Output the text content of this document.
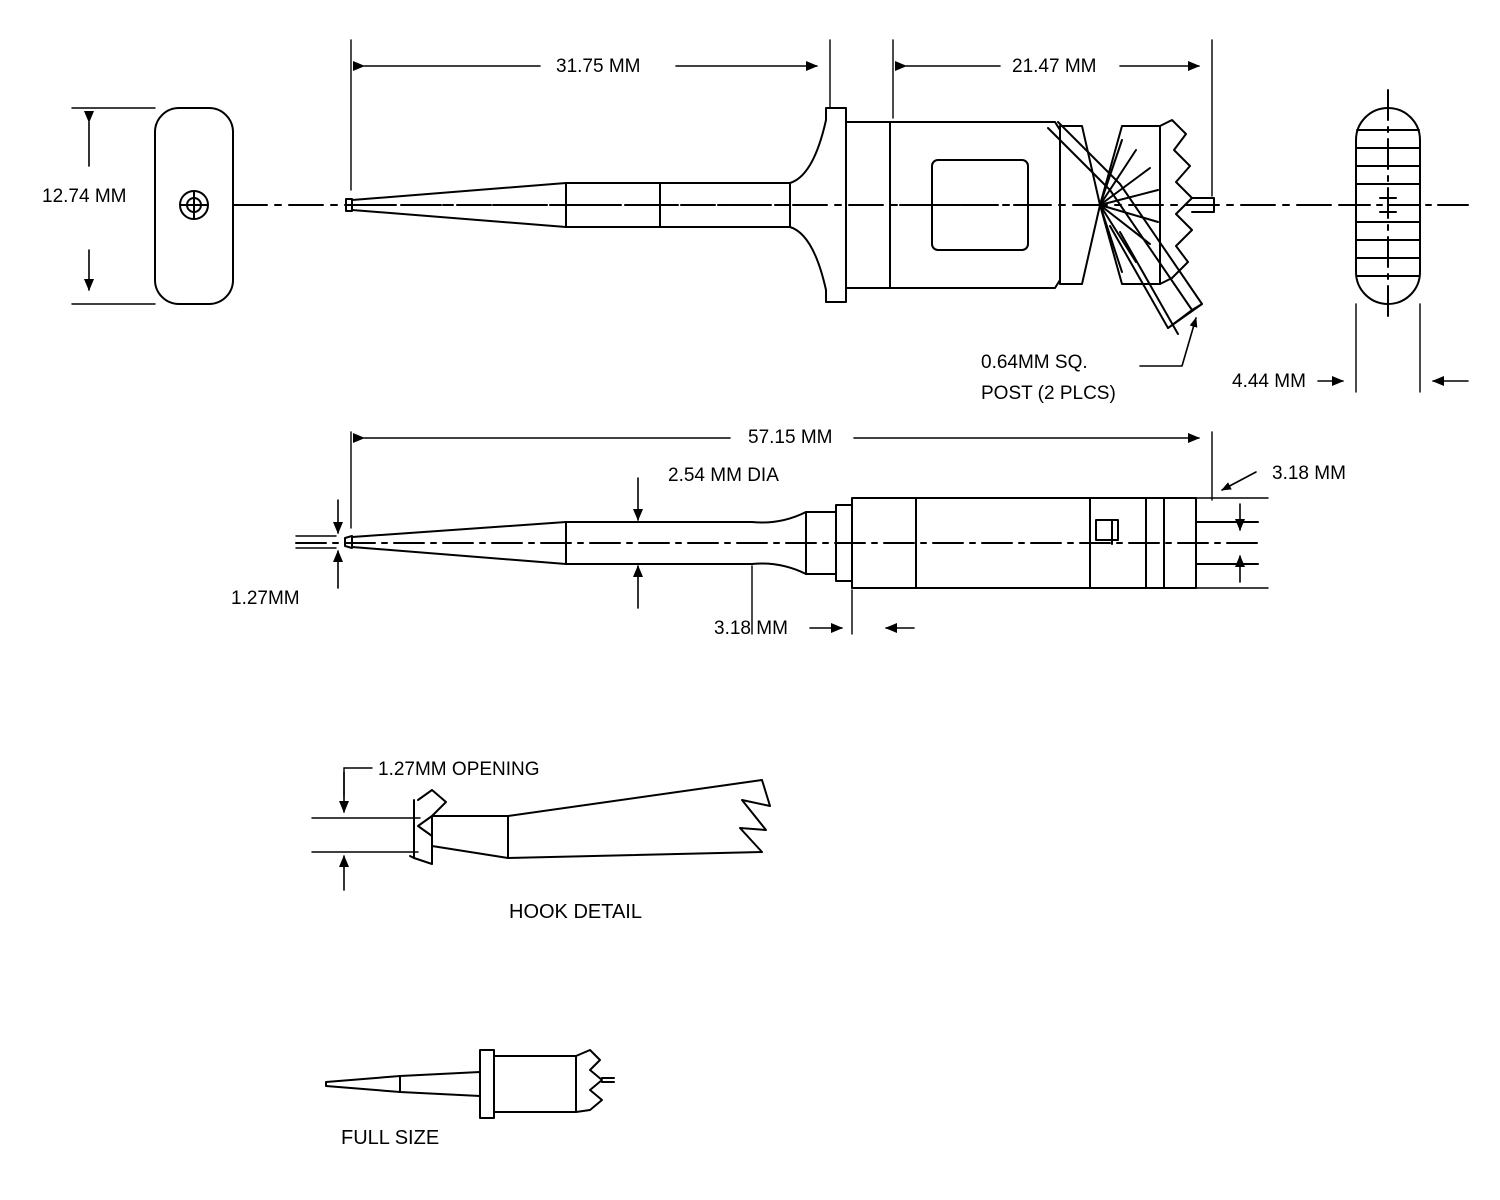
31.75 MM	21.47 MM
12.74 MM
4.44 MM
0.64MM SQ.
POST (2 PLCS)
57.15 MM
2.54 MM DIA	3.18 MM
1.27MM
3.18 MM
1.27MM OPENING
HOOK DETAIL
FULL SIZE
